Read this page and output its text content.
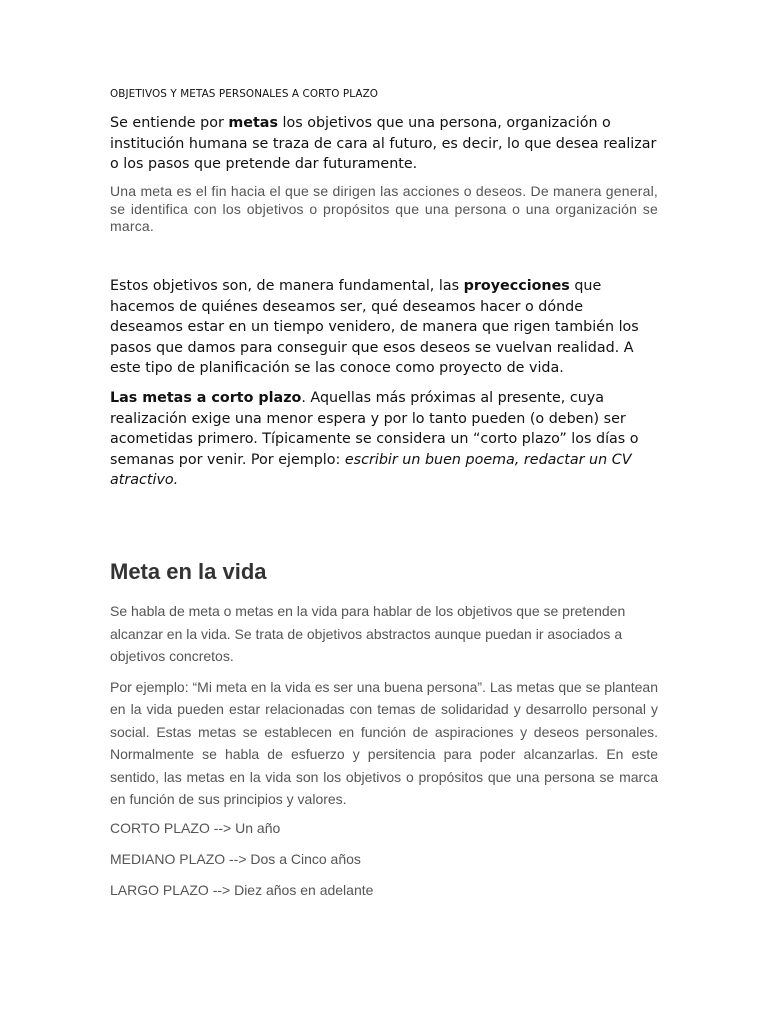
OBJETIVOS Y METAS PERSONALES A CORTO PLAZO

Se entiende por metas los objetivos que una persona, organización o institución humana se traza de cara al futuro, es decir, lo que desea realizar o los pasos que pretende dar futuramente.

Una meta es el fin hacia el que se dirigen las acciones o deseos. De manera general, se identifica con los objetivos o propósitos que una persona o una organización se marca.

Estos objetivos son, de manera fundamental, las proyecciones que hacemos de quiénes deseamos ser, qué deseamos hacer o dónde deseamos estar en un tiempo venidero, de manera que rigen también los pasos que damos para conseguir que esos deseos se vuelvan realidad. A este tipo de planificación se las conoce como proyecto de vida.

Las metas a corto plazo. Aquellas más próximas al presente, cuya realización exige una menor espera y por lo tanto pueden (o deben) ser acometidas primero. Típicamente se considera un “corto plazo” los días o semanas por venir. Por ejemplo: escribir un buen poema, redactar un CV atractivo.

Meta en la vida

Se habla de meta o metas en la vida para hablar de los objetivos que se pretenden alcanzar en la vida. Se trata de objetivos abstractos aunque puedan ir asociados a objetivos concretos.

Por ejemplo: “Mi meta en la vida es ser una buena persona”. Las metas que se plantean en la vida pueden estar relacionadas con temas de solidaridad y desarrollo personal y social. Estas metas se establecen en función de aspiraciones y deseos personales. Normalmente se habla de esfuerzo y persitencia para poder alcanzarlas. En este sentido, las metas en la vida son los objetivos o propósitos que una persona se marca en función de sus principios y valores.

CORTO PLAZO --> Un año
MEDIANO PLAZO --> Dos a Cinco años
LARGO PLAZO --> Diez años en adelante
